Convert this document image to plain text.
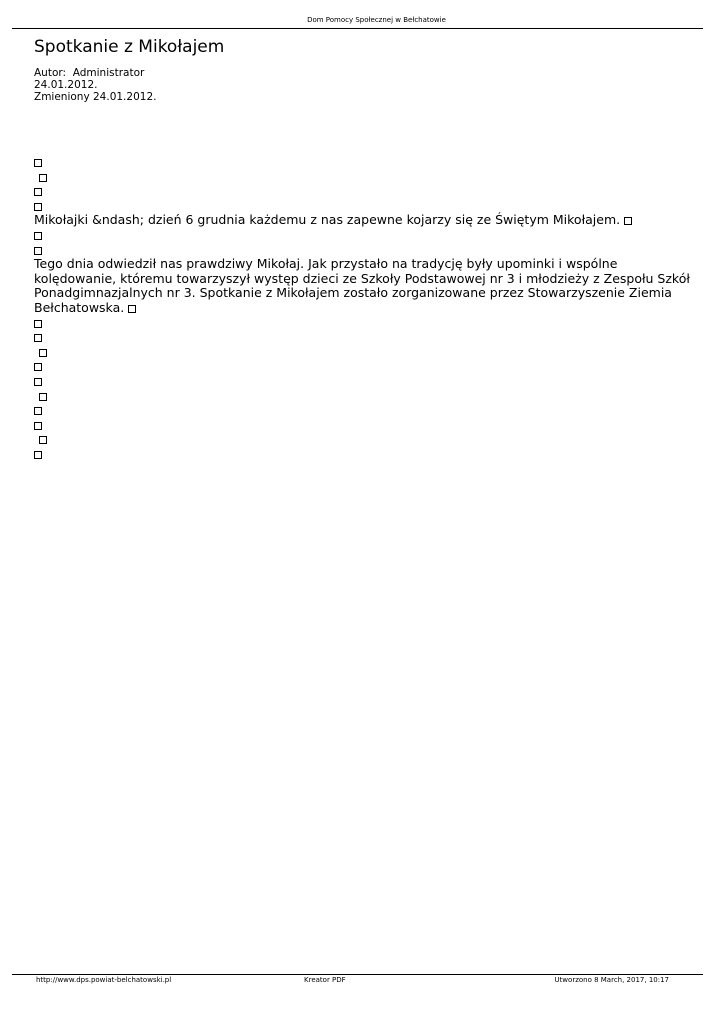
Dom Pomocy Społecznej w Bełchatowie
Spotkanie z Mikołajem
Autor: Administrator
24.01.2012.
Zmieniony 24.01.2012.
Mikołajki &ndash; dzień 6 grudnia każdemu z nas zapewne kojarzy się ze Świętym Mikołajem.
Tego dnia odwiedził nas prawdziwy Mikołaj. Jak przystało na tradycję były upominki i wspólne kolędowanie, któremu towarzyszył występ dzieci ze Szkoły Podstawowej nr 3 i młodzieży z Zespołu Szkół Ponadgimnazjalnych nr 3. Spotkanie z Mikołajem zostało zorganizowane przez Stowarzyszenie Ziemia Bełchatowska.
http://www.dps.powiat-belchatowski.pl	Kreator PDF	Utworzono 8 March, 2017, 10:17
